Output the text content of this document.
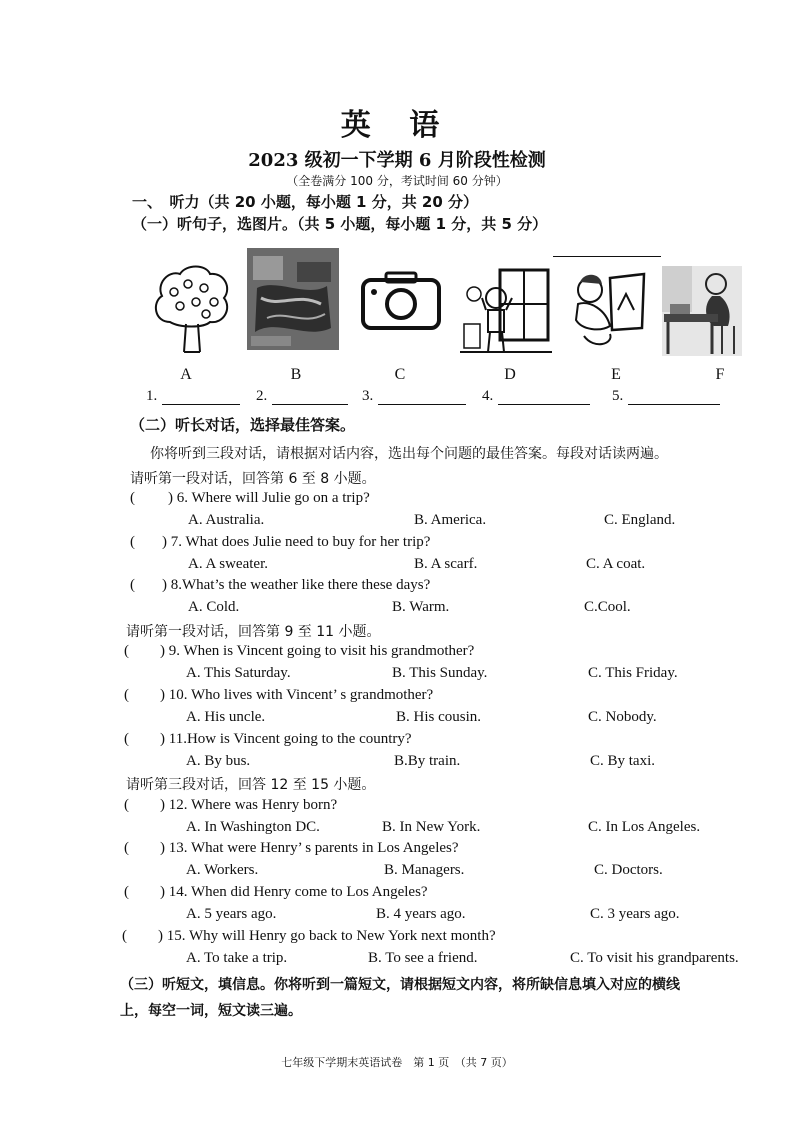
英 语
2023 级初一下学期 6 月阶段性检测
（全卷满分 100 分，考试时间 60 分钟）
一、　听力（共 20 小题，每小题 1 分，共 20 分）
（一）听句子，选图片。（共 5 小题，每小题 1 分，共 5 分）
A	B	C	D	E	F
1.	2.	3.	4.	5.
（二）听长对话，选择最佳答案。
你将听到三段对话，请根据对话内容，选出每个问题的最佳答案。每段对话读两遍。
请听第一段对话，回答第 6 至 8 小题。
( ) 6. Where will Julie go on a trip?
A. Australia.	B. America.	C. England.
( ) 7. What does Julie need to buy for her trip?
A. A sweater.	B. A scarf.	C. A coat.
( ) 8.What’s the weather like there these days?
A. Cold.	B. Warm.	C.Cool.
请听第一段对话，回答第 9 至 11 小题。
( ) 9. When is Vincent going to visit his grandmother?
A. This Saturday.	B. This Sunday.	C. This Friday.
( ) 10. Who lives with Vincent’ s grandmother?
A. His uncle.	B. His cousin.	C. Nobody.
( ) 11.How is Vincent going to the country?
A. By bus.	B.By train.	C. By taxi.
请听第三段对话，回答 12 至 15 小题。
( ) 12. Where was Henry born?
A. In Washington DC.	B. In New York.	C. In Los Angeles.
( ) 13. What were Henry’ s parents in Los Angeles?
A. Workers.	B. Managers.	C. Doctors.
( ) 14. When did Henry come to Los Angeles?
A. 5 years ago.	B. 4 years ago.	C. 3 years ago.
( ) 15. Why will Henry go back to New York next month?
A. To take a trip.	B. To see a friend.	C. To visit his grandparents.
（三）听短文，填信息。你将听到一篇短文，请根据短文内容，将所缺信息填入对应的横线
上，每空一词，短文读三遍。
七年级下学期末英语试卷　第 1 页　（共 7 页）
